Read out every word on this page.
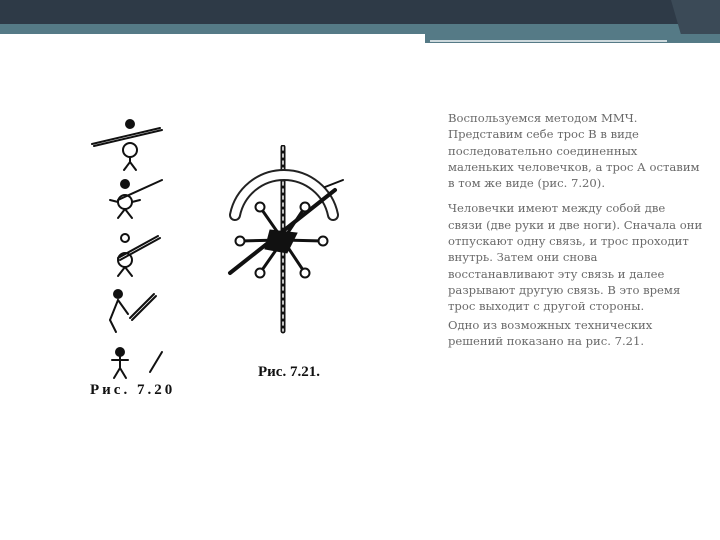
Рис. 7.20
Рис. 7.21.

Воспользуемся методом ММЧ. Представим себе трос В в виде последовательно соединенных маленьких человечков, а трос А оставим в том же виде (рис. 7.20).

Человечки имеют между собой две связи (две руки и две ноги). Сначала они отпускают одну связь, и трос проходит внутрь. Затем они снова восстанавливают эту связь и далее разрывают другую связь. В это время трос выходит с другой стороны.

Одно из возможных технических решений показано на рис. 7.21.
